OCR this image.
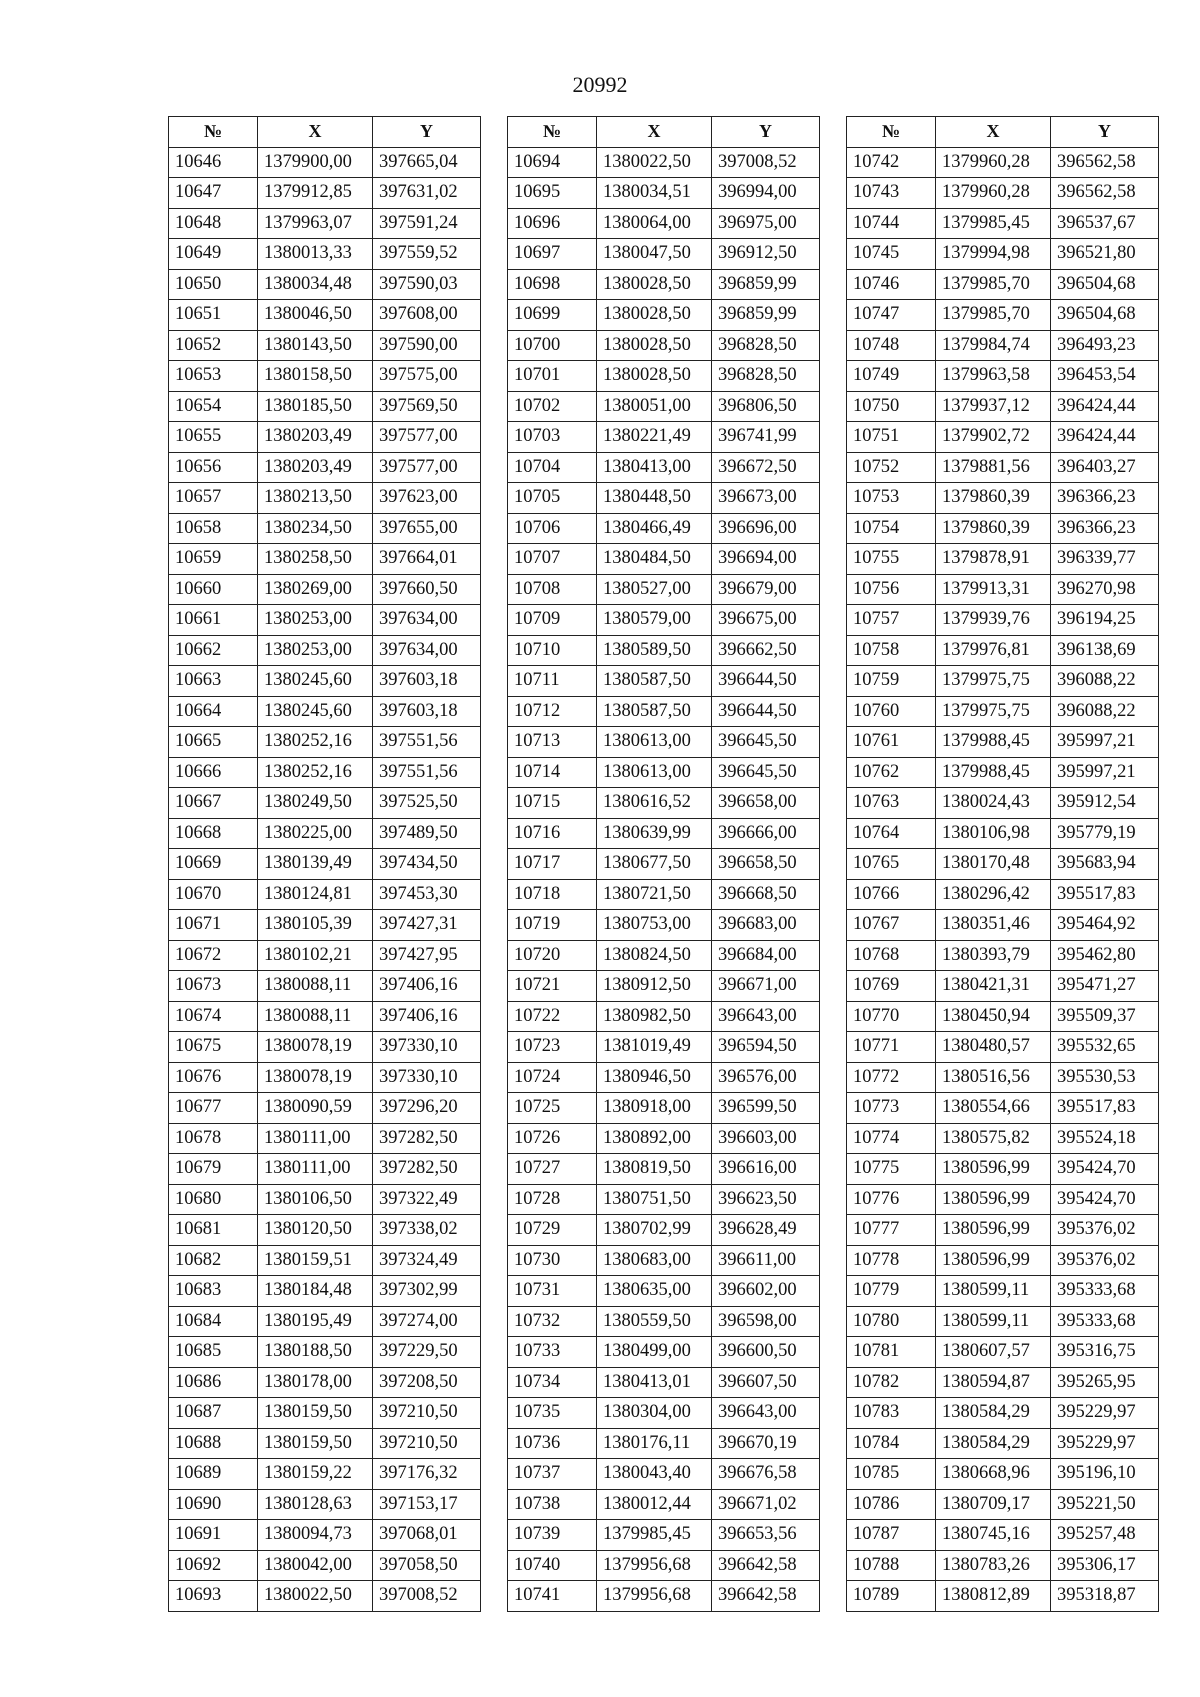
20992
№	X	Y
10646	1379900,00	397665,04
10647	1379912,85	397631,02
10648	1379963,07	397591,24
10649	1380013,33	397559,52
10650	1380034,48	397590,03
10651	1380046,50	397608,00
10652	1380143,50	397590,00
10653	1380158,50	397575,00
10654	1380185,50	397569,50
10655	1380203,49	397577,00
10656	1380203,49	397577,00
10657	1380213,50	397623,00
10658	1380234,50	397655,00
10659	1380258,50	397664,01
10660	1380269,00	397660,50
10661	1380253,00	397634,00
10662	1380253,00	397634,00
10663	1380245,60	397603,18
10664	1380245,60	397603,18
10665	1380252,16	397551,56
10666	1380252,16	397551,56
10667	1380249,50	397525,50
10668	1380225,00	397489,50
10669	1380139,49	397434,50
10670	1380124,81	397453,30
10671	1380105,39	397427,31
10672	1380102,21	397427,95
10673	1380088,11	397406,16
10674	1380088,11	397406,16
10675	1380078,19	397330,10
10676	1380078,19	397330,10
10677	1380090,59	397296,20
10678	1380111,00	397282,50
10679	1380111,00	397282,50
10680	1380106,50	397322,49
10681	1380120,50	397338,02
10682	1380159,51	397324,49
10683	1380184,48	397302,99
10684	1380195,49	397274,00
10685	1380188,50	397229,50
10686	1380178,00	397208,50
10687	1380159,50	397210,50
10688	1380159,50	397210,50
10689	1380159,22	397176,32
10690	1380128,63	397153,17
10691	1380094,73	397068,01
10692	1380042,00	397058,50
10693	1380022,50	397008,52
№	X	Y
10694	1380022,50	397008,52
10695	1380034,51	396994,00
10696	1380064,00	396975,00
10697	1380047,50	396912,50
10698	1380028,50	396859,99
10699	1380028,50	396859,99
10700	1380028,50	396828,50
10701	1380028,50	396828,50
10702	1380051,00	396806,50
10703	1380221,49	396741,99
10704	1380413,00	396672,50
10705	1380448,50	396673,00
10706	1380466,49	396696,00
10707	1380484,50	396694,00
10708	1380527,00	396679,00
10709	1380579,00	396675,00
10710	1380589,50	396662,50
10711	1380587,50	396644,50
10712	1380587,50	396644,50
10713	1380613,00	396645,50
10714	1380613,00	396645,50
10715	1380616,52	396658,00
10716	1380639,99	396666,00
10717	1380677,50	396658,50
10718	1380721,50	396668,50
10719	1380753,00	396683,00
10720	1380824,50	396684,00
10721	1380912,50	396671,00
10722	1380982,50	396643,00
10723	1381019,49	396594,50
10724	1380946,50	396576,00
10725	1380918,00	396599,50
10726	1380892,00	396603,00
10727	1380819,50	396616,00
10728	1380751,50	396623,50
10729	1380702,99	396628,49
10730	1380683,00	396611,00
10731	1380635,00	396602,00
10732	1380559,50	396598,00
10733	1380499,00	396600,50
10734	1380413,01	396607,50
10735	1380304,00	396643,00
10736	1380176,11	396670,19
10737	1380043,40	396676,58
10738	1380012,44	396671,02
10739	1379985,45	396653,56
10740	1379956,68	396642,58
10741	1379956,68	396642,58
№	X	Y
10742	1379960,28	396562,58
10743	1379960,28	396562,58
10744	1379985,45	396537,67
10745	1379994,98	396521,80
10746	1379985,70	396504,68
10747	1379985,70	396504,68
10748	1379984,74	396493,23
10749	1379963,58	396453,54
10750	1379937,12	396424,44
10751	1379902,72	396424,44
10752	1379881,56	396403,27
10753	1379860,39	396366,23
10754	1379860,39	396366,23
10755	1379878,91	396339,77
10756	1379913,31	396270,98
10757	1379939,76	396194,25
10758	1379976,81	396138,69
10759	1379975,75	396088,22
10760	1379975,75	396088,22
10761	1379988,45	395997,21
10762	1379988,45	395997,21
10763	1380024,43	395912,54
10764	1380106,98	395779,19
10765	1380170,48	395683,94
10766	1380296,42	395517,83
10767	1380351,46	395464,92
10768	1380393,79	395462,80
10769	1380421,31	395471,27
10770	1380450,94	395509,37
10771	1380480,57	395532,65
10772	1380516,56	395530,53
10773	1380554,66	395517,83
10774	1380575,82	395524,18
10775	1380596,99	395424,70
10776	1380596,99	395424,70
10777	1380596,99	395376,02
10778	1380596,99	395376,02
10779	1380599,11	395333,68
10780	1380599,11	395333,68
10781	1380607,57	395316,75
10782	1380594,87	395265,95
10783	1380584,29	395229,97
10784	1380584,29	395229,97
10785	1380668,96	395196,10
10786	1380709,17	395221,50
10787	1380745,16	395257,48
10788	1380783,26	395306,17
10789	1380812,89	395318,87
